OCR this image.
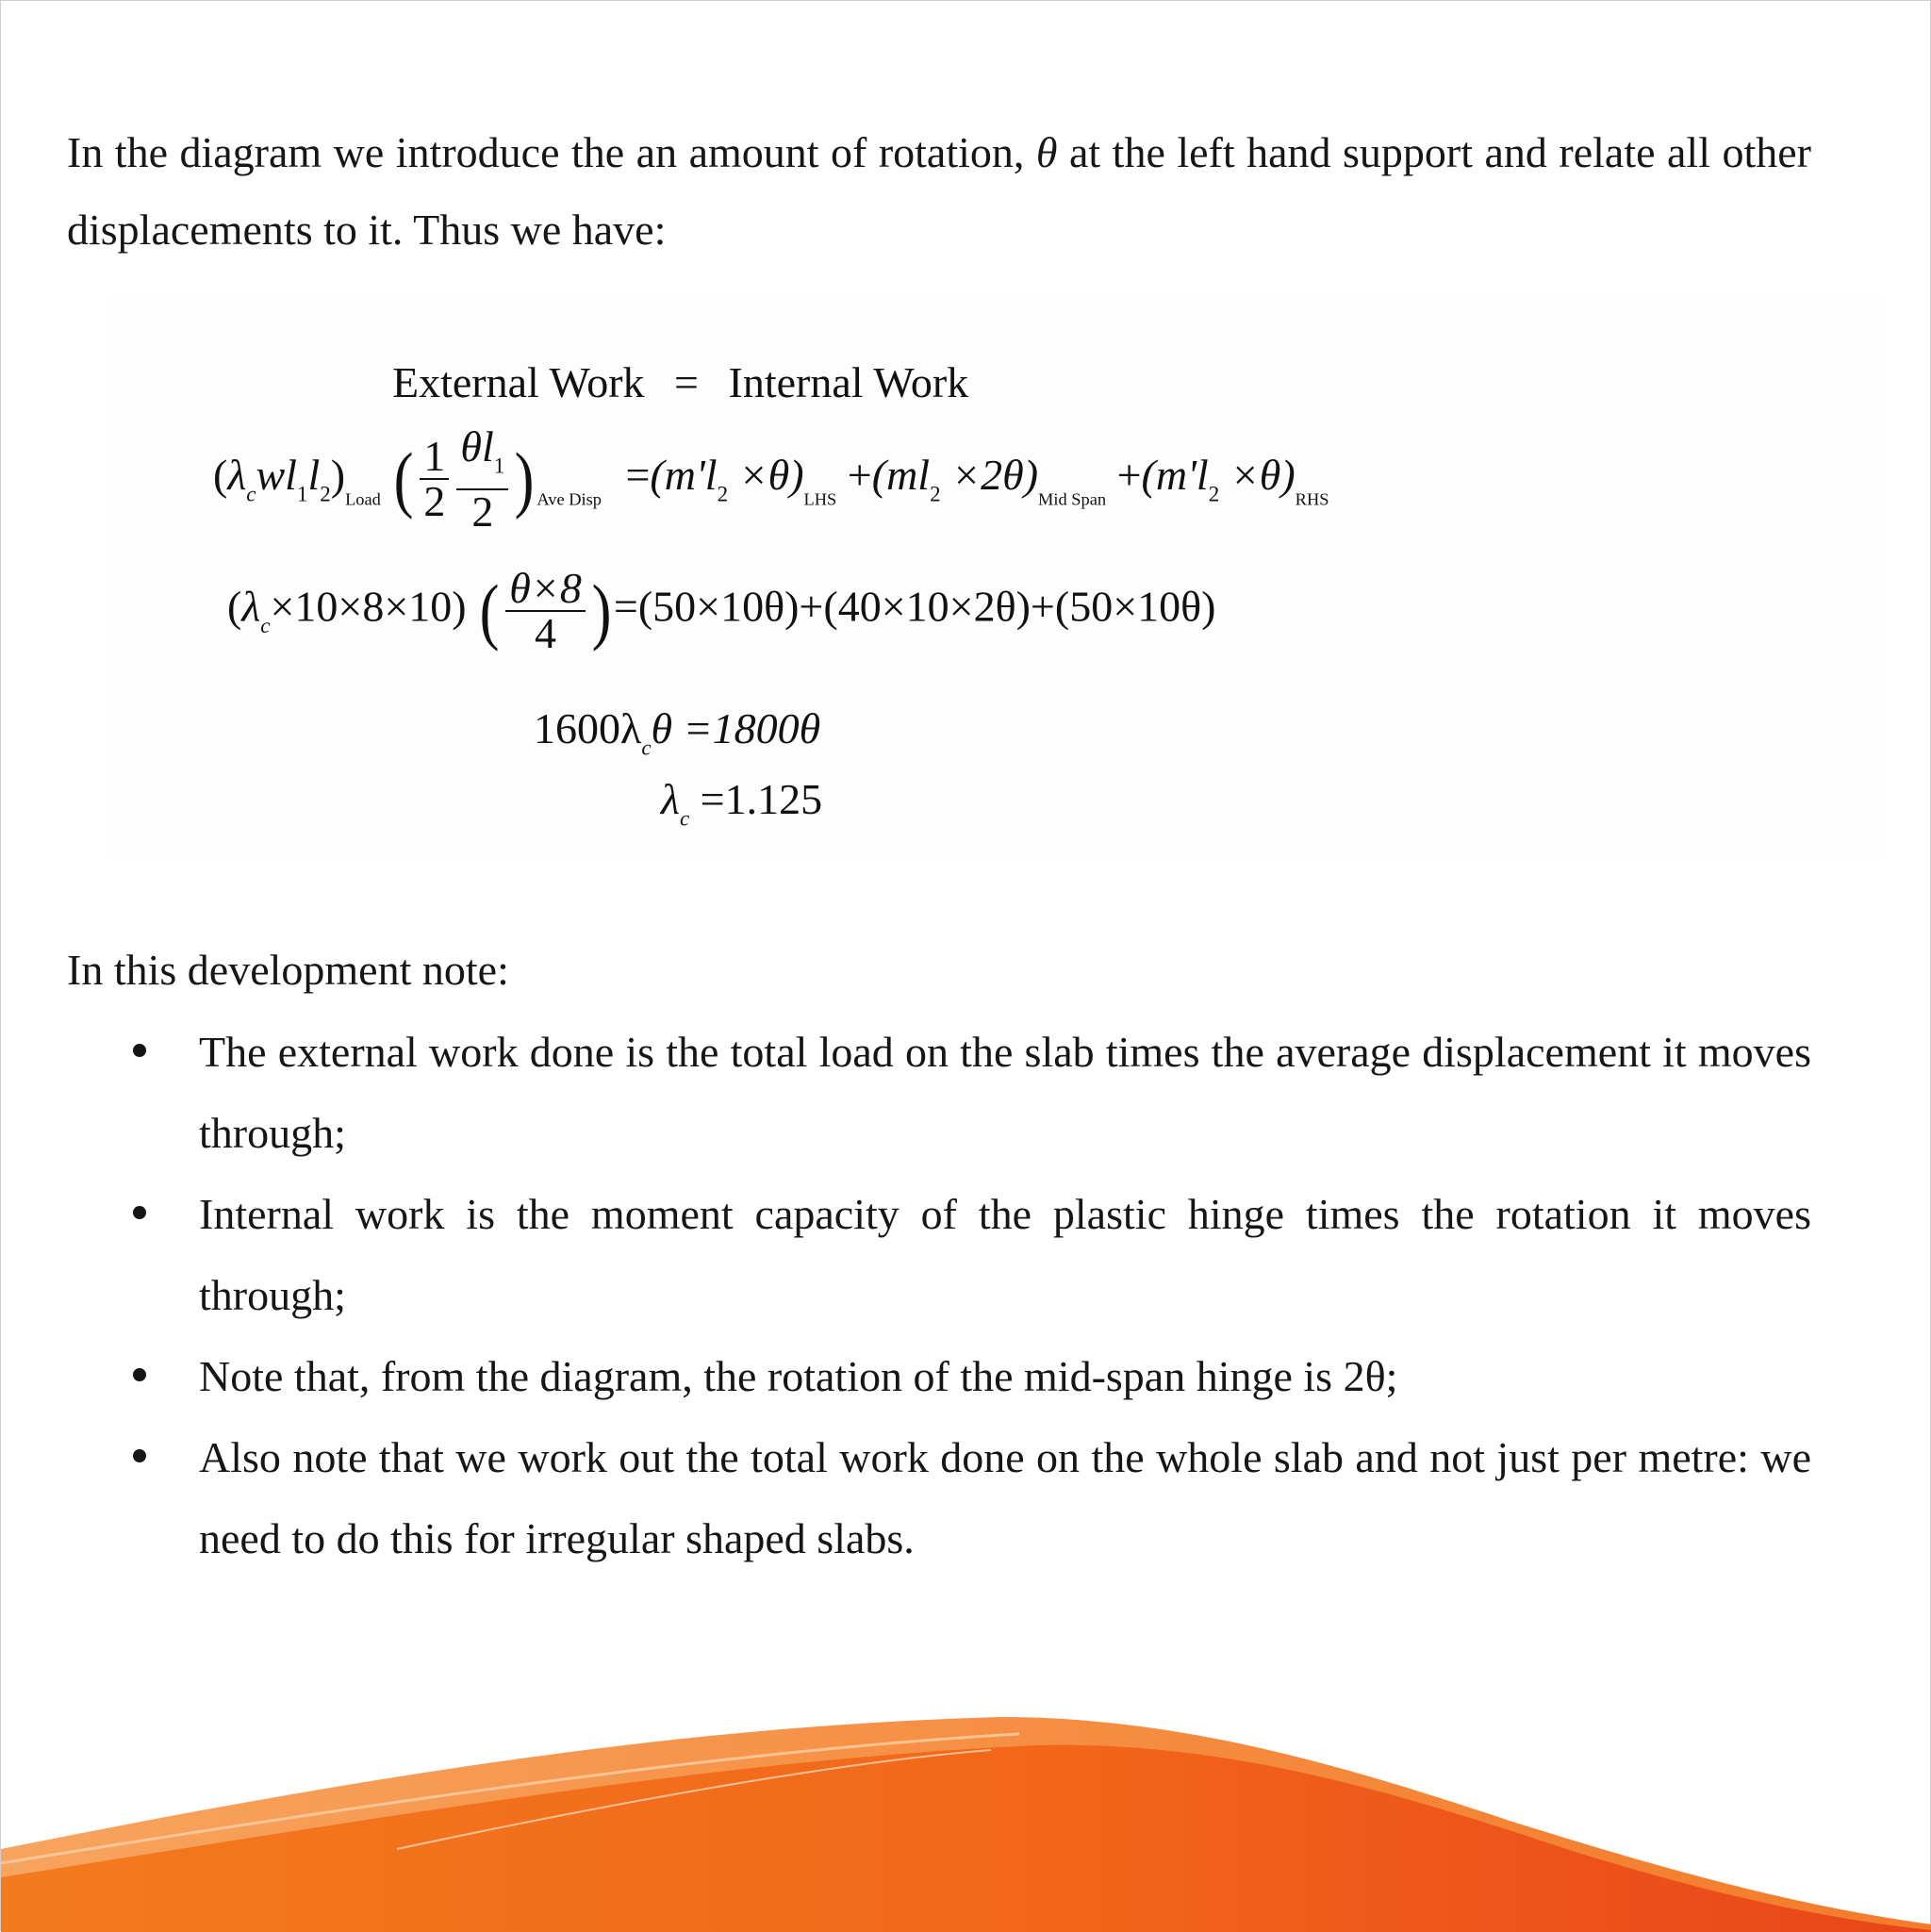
In the diagram we introduce the an amount of rotation, θ at the left hand support and relate all other displacements to it. Thus we have:
External Work = Internal Work
$(\lambda_cwl_1l_2)_{Load}$ ( $\frac{1}{2} \frac{\theta l_1}{2}$ ) $_{Ave Disp} =(m'l_2 \times\theta)_{LHS} +(ml_2 \times 2\theta)_{Mid Span} +(m'l_2 \times\theta)_{RHS}$
$(\lambda_c\times 10\times 8\times 10)$ ( $\frac{\theta\times 8}{4} )=(50\times 10\theta)+(40\times 10\times 2\theta)+(50\times 10\theta)$
$1600\lambda_c\theta =1800\theta$
$\lambda_c =1.125$
In this development note:
The external work done is the total load on the slab times the average displacement it moves through;
Internal work is the moment capacity of the plastic hinge times the rotation it moves through;
Note that, from the diagram, the rotation of the mid-span hinge is 2θ;
Also note that we work out the total work done on the whole slab and not just per metre: we need to do this for irregular shaped slabs.
